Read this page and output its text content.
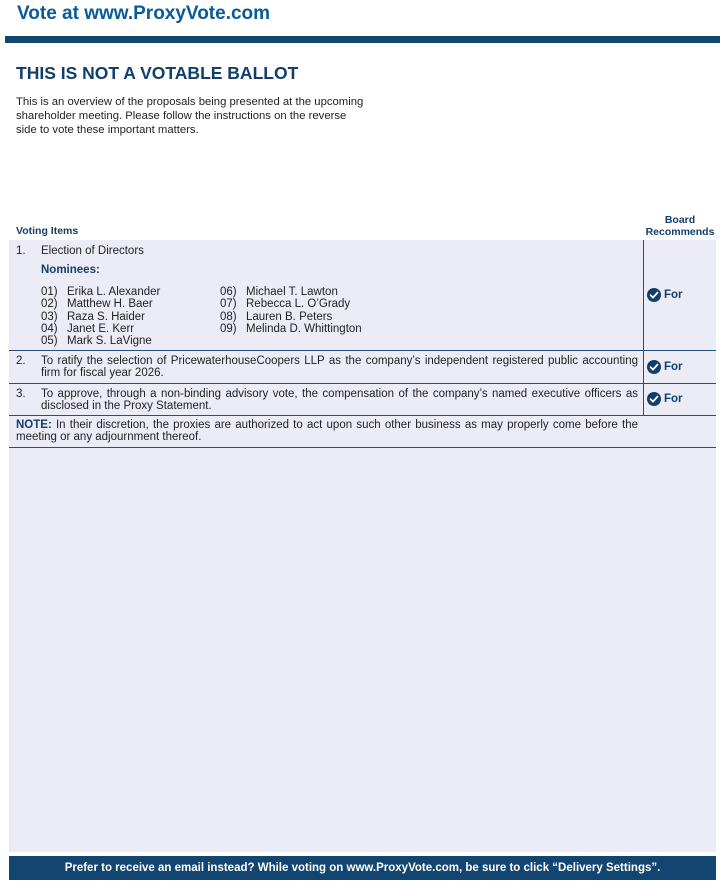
Vote at www.ProxyVote.com
THIS IS NOT A VOTABLE BALLOT
This is an overview of the proposals being presented at the upcoming shareholder meeting. Please follow the instructions on the reverse side to vote these important matters.
Voting Items
Board
Recommends
1. Election of Directors
Nominees:
01) Erika L. Alexander
02) Matthew H. Baer
03) Raza S. Haider
04) Janet E. Kerr
05) Mark S. LaVigne
06) Michael T. Lawton
07) Rebecca L. O’Grady
08) Lauren B. Peters
09) Melinda D. Whittington
For
2. To ratify the selection of PricewaterhouseCoopers LLP as the company’s independent registered public accounting firm for fiscal year 2026.	For
3. To approve, through a non-binding advisory vote, the compensation of the company’s named executive officers as disclosed in the Proxy Statement.
For
NOTE: In their discretion, the proxies are authorized to act upon such other business as may properly come before the meeting or any adjournment thereof.
Prefer to receive an email instead? While voting on www.ProxyVote.com, be sure to click “Delivery Settings”.
